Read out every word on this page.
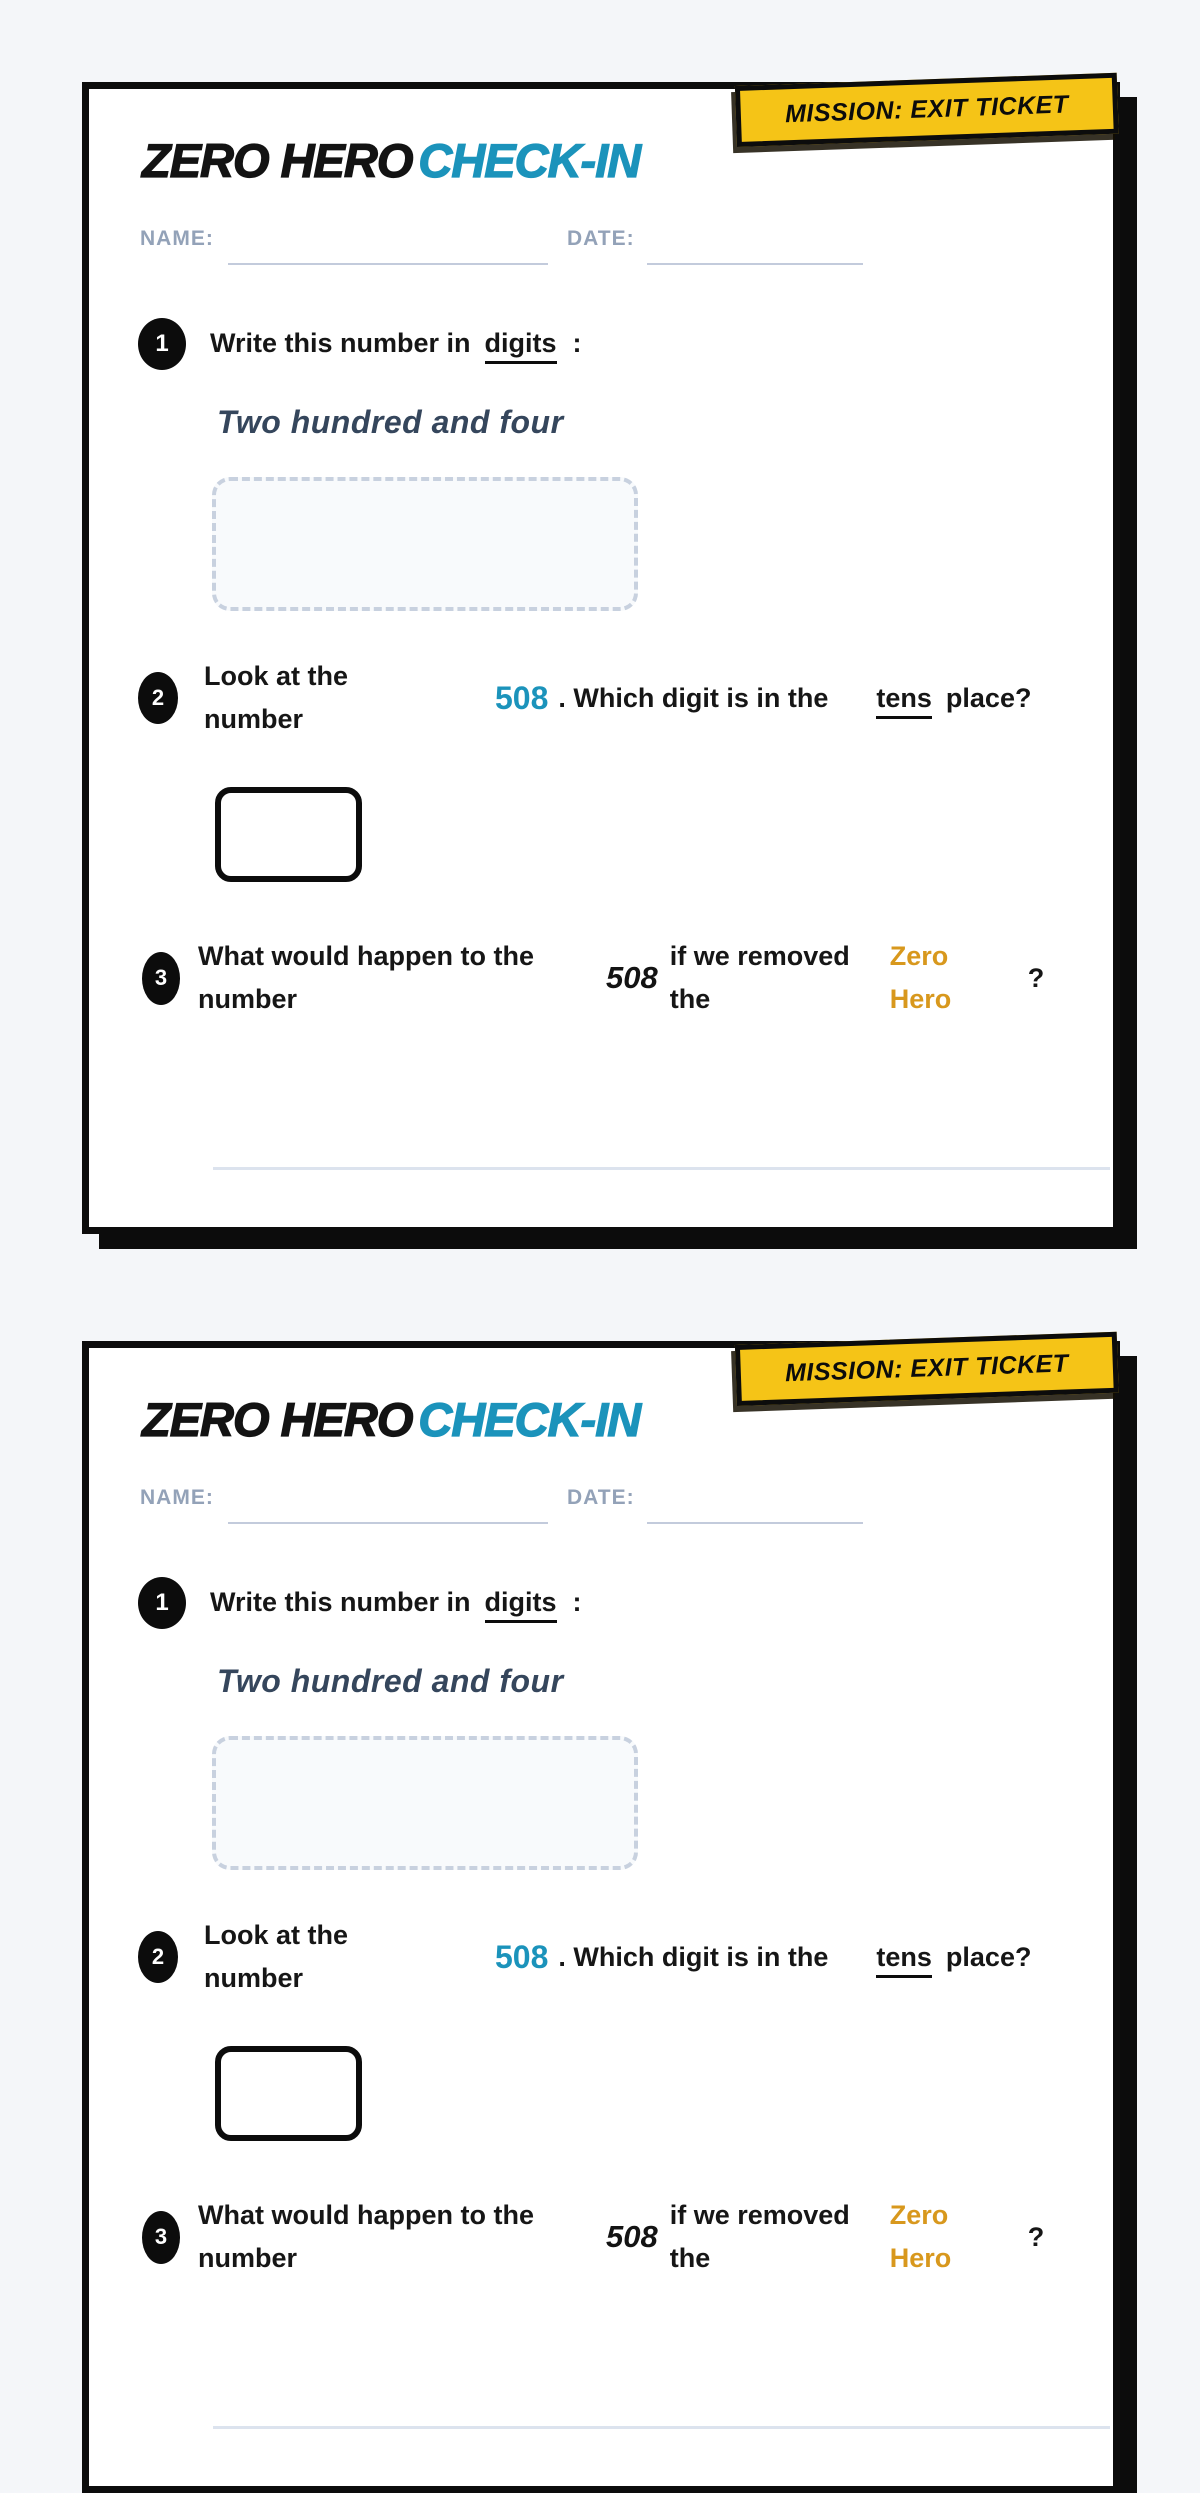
MISSION: EXIT TICKET
ZERO HERO CHECK-IN
NAME:	DATE:
1	Write this number in digits :
Two hundred and four
2
Look at the number
508 . Which digit is in the	tens place?
3
What would happen to the number
508
if we removed the
Zero Hero
?
MISSION: EXIT TICKET
ZERO HERO CHECK-IN
NAME:	DATE:
1	Write this number in digits :
Two hundred and four
2
Look at the number
508 . Which digit is in the	tens place?
3
What would happen to the number
508
if we removed the
Zero Hero
?
